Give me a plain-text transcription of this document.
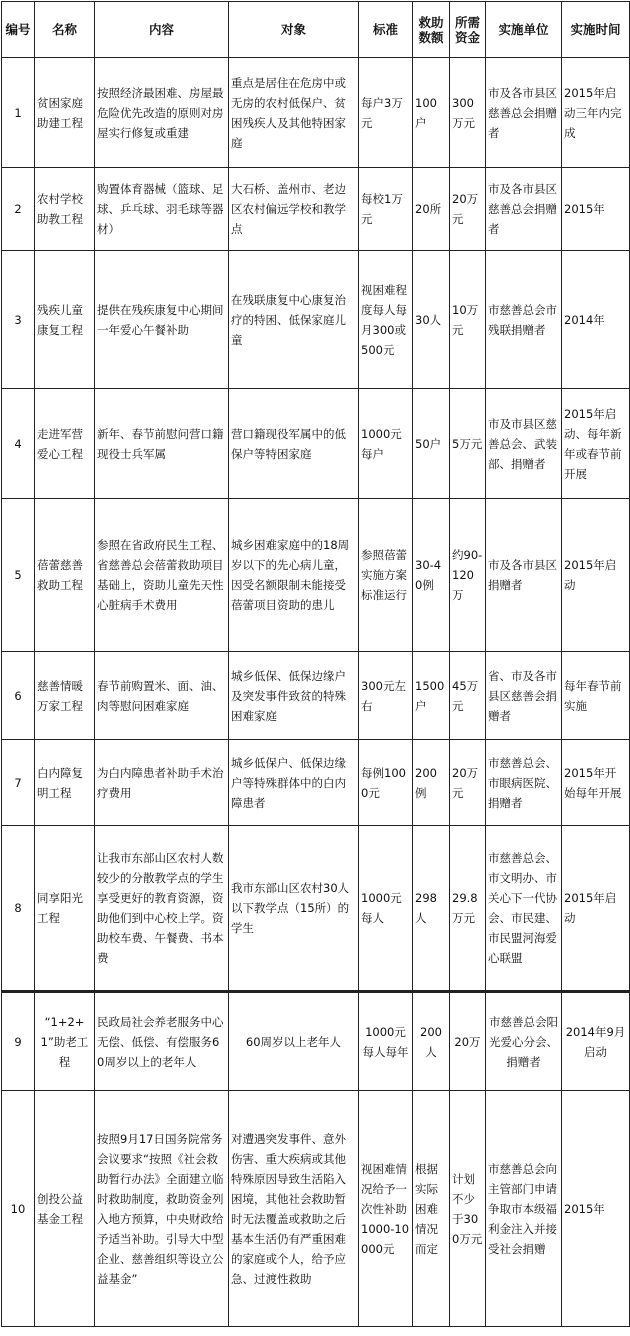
编号	名称	内容	对象	标准	救助数额	所需资金	实施单位	实施时间
1	贫困家庭助建工程	按照经济最困难、房屋最危险优先改造的原则对房屋实行修复或重建	重点是居住在危房中或无房的农村低保户、贫困残疾人及其他特困家庭	每户3万元	100户	300万元	市及各市县区慈善总会捐赠者	2015年启动三年内完成
2	农村学校助教工程	购置体育器械（篮球、足球、乒乓球、羽毛球等器材）	大石桥、盖州市、老边区农村偏远学校和教学点	每校1万元	20所	20万元	市及各市县区慈善总会捐赠者	2015年
3	残疾儿童康复工程	提供在残疾康复中心期间一年爱心午餐补助	在残联康复中心康复治疗的特困、低保家庭儿童	视困难程度每人每月300或500元	30人	10万元	市慈善总会市残联捐赠者	2014年
4	走进军营爱心工程	新年、春节前慰问营口籍现役士兵军属	营口籍现役军属中的低保户等特困家庭	1000元每户	50户	5万元	市及市县区慈善总会、武装部、捐赠者	2015年启动、每年新年或春节前开展
5	蓓蕾慈善救助工程	参照在省政府民生工程、省慈善总会蓓蕾救助项目基础上，资助儿童先天性心脏病手术费用	城乡困难家庭中的18周岁以下的先心病儿童，因受名额限制未能接受蓓蕾项目资助的患儿	参照蓓蕾实施方案标准运行	30-40例	约90-120万	市及各市县区捐赠者	2015年启动
6	慈善情暖万家工程	春节前购置米、面、油、肉等慰问困难家庭	城乡低保、低保边缘户及突发事件致贫的特殊困难家庭	300元左右	1500户	45万元	省、市及各市县区慈善会捐赠者	每年春节前实施
7	白内障复明工程	为白内障患者补助手术治疗费用	城乡低保户、低保边缘户等特殊群体中的白内障患者	每例1000元	200例	20万元	市慈善总会、市眼病医院、捐赠者	2015年开始每年开展
8	同享阳光工程	让我市东部山区农村人数较少的分散教学点的学生享受更好的教育资源，资助他们到中心校上学。资助校车费、午餐费、书本费	我市东部山区农村30人以下教学点（15所）的学生	1000元每人	298人	29.8万元	市慈善总会、市文明办、市关心下一代协会、市民建、市民盟河海爱心联盟	2015年启动
9	“1+2+1”助老工程	民政局社会养老服务中心无偿、低偿、有偿服务60周岁以上的老年人	60周岁以上老年人	1000元每人每年	200人	20万	市慈善总会阳光爱心分会、捐赠者	2014年9月启动
10	创投公益基金工程	按照9月17日国务院常务会议要求“按照《社会救助暂行办法》全面建立临时救助制度，救助资金列入地方预算，中央财政给予适当补助。引导大中型企业、慈善组织等设立公益基金”	对遭遇突发事件、意外伤害、重大疾病或其他特殊原因导致生活陷入困境，其他社会救助暂时无法覆盖或救助之后基本生活仍有严重困难的家庭或个人，给予应急、过渡性救助	视困难情况给予一次性补助1000-10000元	根据实际困难情况而定	计划不少于300万元	市慈善总会向主管部门申请争取市本级福利金注入并接受社会捐赠	2015年
